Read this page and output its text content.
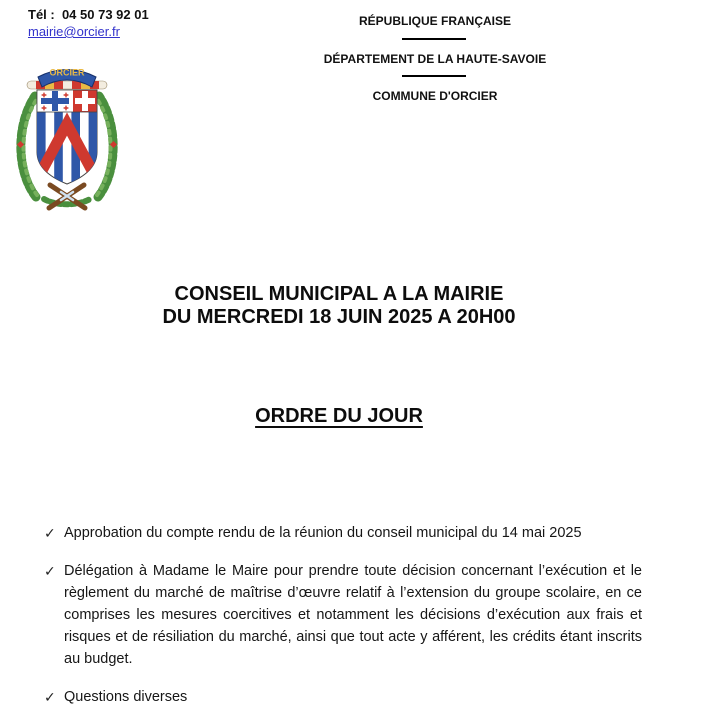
Tél :  04 50 73 92 01
mairie@orcier.fr
RÉPUBLIQUE FRANÇAISE
DÉPARTEMENT DE LA HAUTE-SAVOIE
COMMUNE D'ORCIER
ORCIER
CONSEIL MUNICIPAL A LA MAIRIE
DU MERCREDI 18 JUIN 2025 A 20H00
ORDRE DU JOUR
✓ Approbation du compte rendu de la réunion du conseil municipal du 14 mai 2025
✓ Délégation à Madame le Maire pour prendre toute décision concernant l’exécution et le règlement du marché de maîtrise d’œuvre relatif à l’extension du groupe scolaire, en ce comprises les mesures coercitives et notamment les décisions d’exécution aux frais et risques et de résiliation du marché, ainsi que tout acte y afférent, les crédits étant inscrits au budget.
✓ Questions diverses
